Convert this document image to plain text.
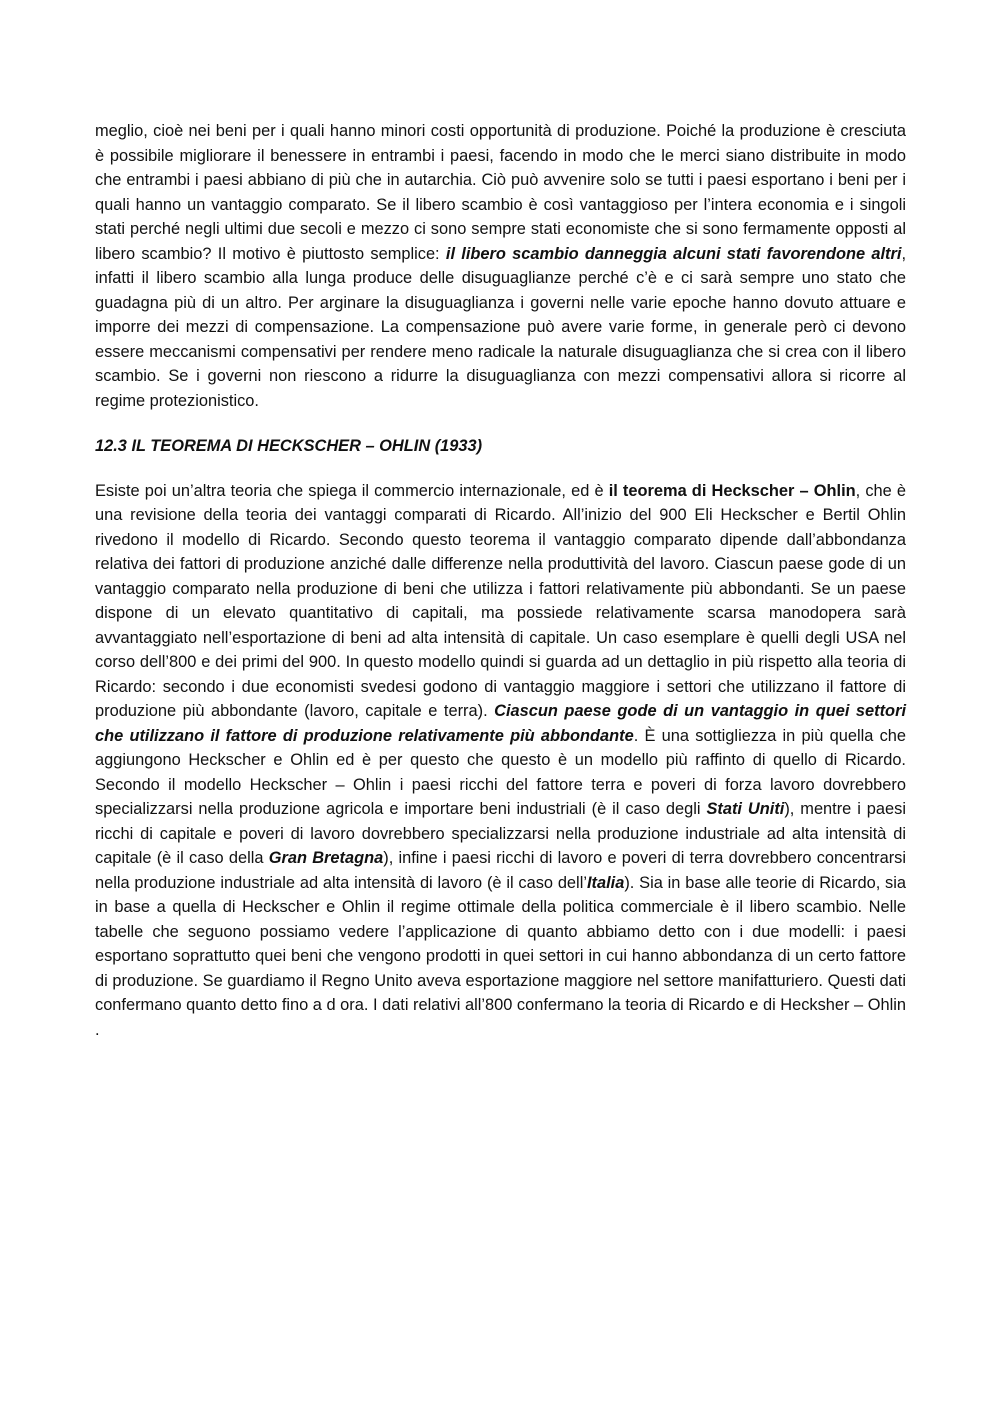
meglio, cioè nei beni per i quali hanno minori costi opportunità di produzione. Poiché la produzione è cresciuta è possibile migliorare il benessere in entrambi i paesi, facendo in modo che le merci siano distribuite in modo che entrambi i paesi abbiano di più che in autarchia. Ciò può avvenire solo se tutti i paesi esportano i beni per i quali hanno un vantaggio comparato. Se il libero scambio è così vantaggioso per l’intera economia e i singoli stati perché negli ultimi due secoli e mezzo ci sono sempre stati economiste che si sono fermamente opposti al libero scambio? Il motivo è piuttosto semplice: il libero scambio danneggia alcuni stati favorendone altri, infatti il libero scambio alla lunga produce delle disuguaglianze perché c’è e ci sarà sempre uno stato che guadagna più di un altro. Per arginare la disuguaglianza i governi nelle varie epoche hanno dovuto attuare e imporre dei mezzi di compensazione. La compensazione può avere varie forme, in generale però ci devono essere meccanismi compensativi per rendere meno radicale la naturale disuguaglianza che si crea con il libero scambio. Se i governi non riescono a ridurre la disuguaglianza con mezzi compensativi allora si ricorre al regime protezionistico.

12.3 IL TEOREMA DI HECKSCHER – OHLIN (1933)

Esiste poi un’altra teoria che spiega il commercio internazionale, ed è il teorema di Heckscher – Ohlin, che è una revisione della teoria dei vantaggi comparati di Ricardo. All’inizio del 900 Eli Heckscher e Bertil Ohlin rivedono il modello di Ricardo. Secondo questo teorema il vantaggio comparato dipende dall’abbondanza relativa dei fattori di produzione anziché dalle differenze nella produttività del lavoro. Ciascun paese gode di un vantaggio comparato nella produzione di beni che utilizza i fattori relativamente più abbondanti. Se un paese dispone di un elevato quantitativo di capitali, ma possiede relativamente scarsa manodopera sarà avvantaggiato nell’esportazione di beni ad alta intensità di capitale. Un caso esemplare è quelli degli USA nel corso dell’800 e dei primi del 900. In questo modello quindi si guarda ad un dettaglio in più rispetto alla teoria di Ricardo: secondo i due economisti svedesi godono di vantaggio maggiore i settori che utilizzano il fattore di produzione più abbondante (lavoro, capitale e terra). Ciascun paese gode di un vantaggio in quei settori che utilizzano il fattore di produzione relativamente più abbondante. È una sottigliezza in più quella che aggiungono Heckscher e Ohlin ed è per questo che questo è un modello più raffinto di quello di Ricardo. Secondo il modello Heckscher – Ohlin i paesi ricchi del fattore terra e poveri di forza lavoro dovrebbero specializzarsi nella produzione agricola e importare beni industriali (è il caso degli Stati Uniti), mentre i paesi ricchi di capitale e poveri di lavoro dovrebbero specializzarsi nella produzione industriale ad alta intensità di capitale (è il caso della Gran Bretagna), infine i paesi ricchi di lavoro e poveri di terra dovrebbero concentrarsi nella produzione industriale ad alta intensità di lavoro (è il caso dell’Italia). Sia in base alle teorie di Ricardo, sia in base a quella di Heckscher e Ohlin il regime ottimale della politica commerciale è il libero scambio. Nelle tabelle che seguono possiamo vedere l’applicazione di quanto abbiamo detto con i due modelli: i paesi esportano soprattutto quei beni che vengono prodotti in quei settori in cui hanno abbondanza di un certo fattore di produzione. Se guardiamo il Regno Unito aveva esportazione maggiore nel settore manifatturiero. Questi dati confermano quanto detto fino a d ora. I dati relativi all’800 confermano la teoria di Ricardo e di Hecksher – Ohlin .
